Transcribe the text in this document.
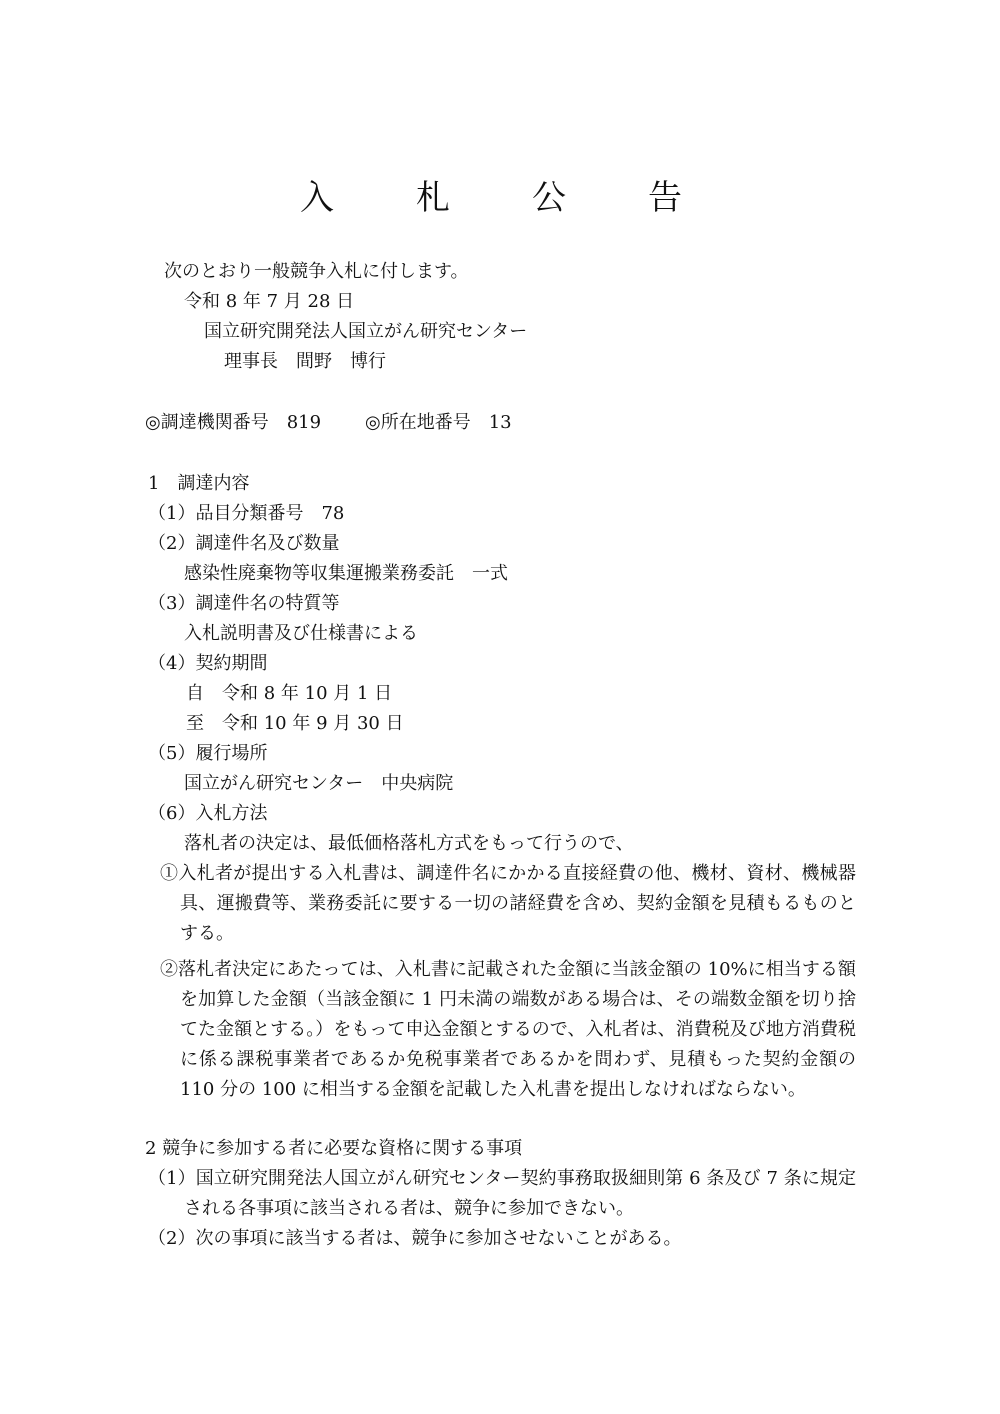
入 札 公 告
次のとおり一般競争入札に付します。
令和 8 年 7 月 28 日
国立研究開発法人国立がん研究センター
理事長　間野　博行
◎調達機関番号　819 ◎所在地番号　13
1　調達内容
（1）品目分類番号　78
（2）調達件名及び数量
感染性廃棄物等収集運搬業務委託　一式
（3）調達件名の特質等
入札説明書及び仕様書による
（4）契約期間
自　令和 8 年 10 月 1 日
至　令和 10 年 9 月 30 日
（5）履行場所
国立がん研究センター　中央病院
（6）入札方法
落札者の決定は、最低価格落札方式をもって行うので、
①入札者が提出する入札書は、調達件名にかかる直接経費の他、機材、資材、機械器具、運搬費等、業務委託に要する一切の諸経費を含め、契約金額を見積もるものとする。
②落札者決定にあたっては、入札書に記載された金額に当該金額の 10%に相当する額を加算した金額（当該金額に 1 円未満の端数がある場合は、その端数金額を切り捨てた金額とする。）をもって申込金額とするので、入札者は、消費税及び地方消費税に係る課税事業者であるか免税事業者であるかを問わず、見積もった契約金額の 110 分の 100 に相当する金額を記載した入札書を提出しなければならない。
2 競争に参加する者に必要な資格に関する事項
（1）国立研究開発法人国立がん研究センター契約事務取扱細則第 6 条及び 7 条に規定される各事項に該当される者は、競争に参加できない。
（2）次の事項に該当する者は、競争に参加させないことがある。
